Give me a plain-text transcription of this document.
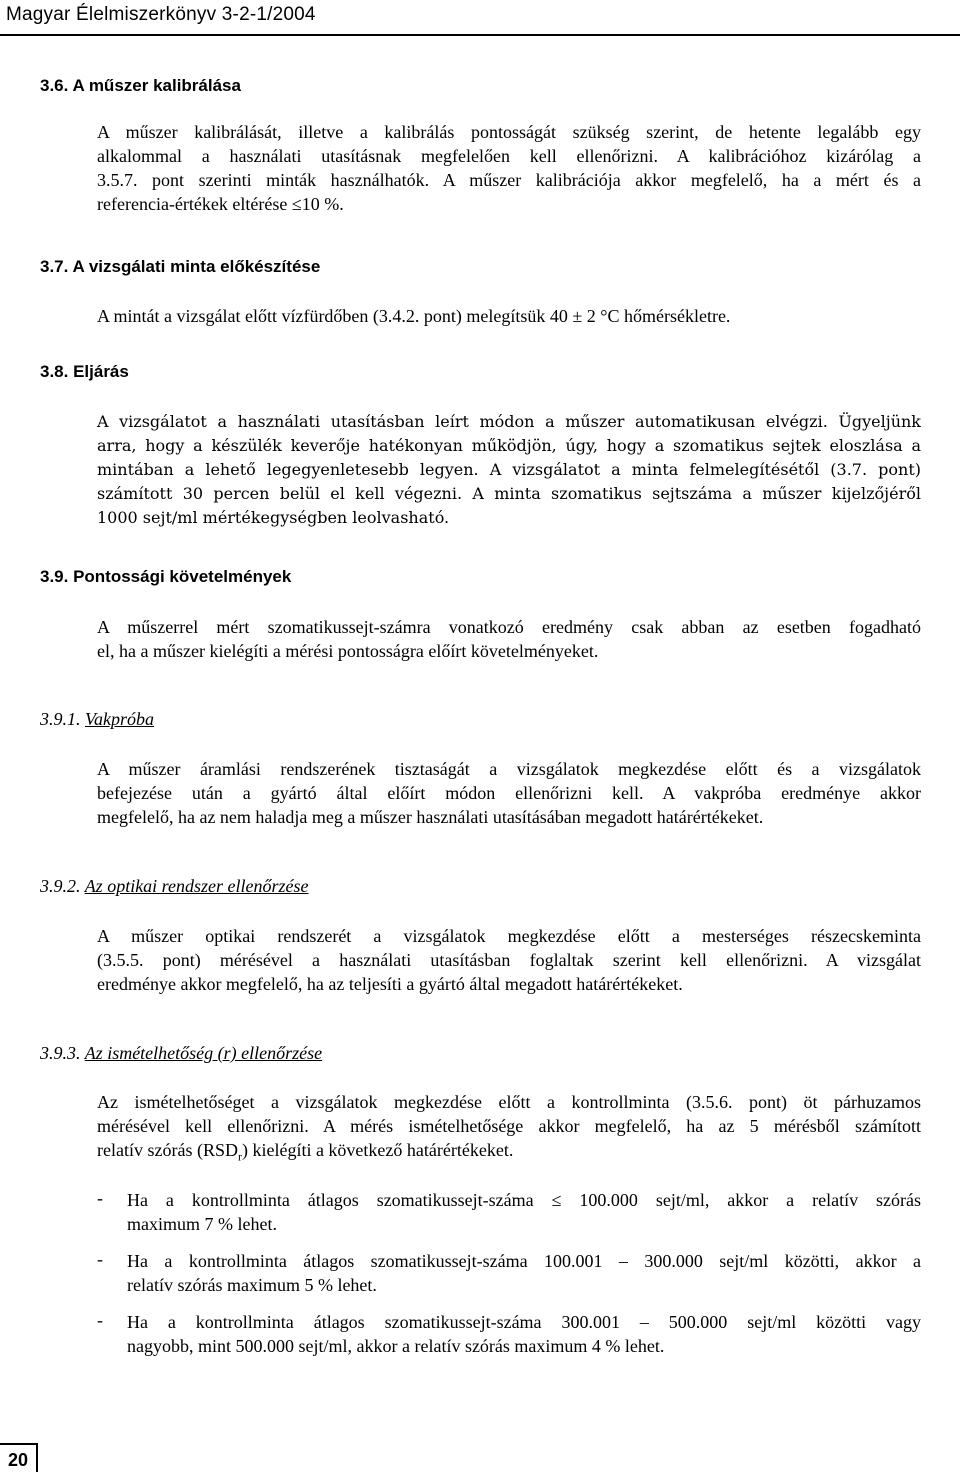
Magyar Élelmiszerkönyv 3-2-1/2004
3.6. A műszer kalibrálása
A műszer kalibrálását, illetve a kalibrálás pontosságát szükség szerint, de hetente legalább egy
alkalommal a használati utasításnak megfelelően kell ellenőrizni. A kalibrációhoz kizárólag a
3.5.7. pont szerinti minták használhatók. A műszer kalibrációja akkor megfelelő, ha a mért és a
referencia-értékek eltérése ≤10 %.
3.7. A vizsgálati minta előkészítése
A mintát a vizsgálat előtt vízfürdőben (3.4.2. pont) melegítsük 40 ± 2 °C hőmérsékletre.
3.8. Eljárás
A vizsgálatot a használati utasításban leírt módon a műszer automatikusan elvégzi. Ügyeljünk
arra, hogy a készülék keverője hatékonyan működjön, úgy, hogy a szomatikus sejtek eloszlása a
mintában a lehető legegyenletesebb legyen. A vizsgálatot a minta felmelegítésétől (3.7. pont)
számított 30 percen belül el kell végezni. A minta szomatikus sejtszáma a műszer kijelzőjéről
1000 sejt/ml mértékegységben leolvasható.
3.9. Pontossági követelmények
A műszerrel mért szomatikussejt-számra vonatkozó eredmény csak abban az esetben fogadható
el, ha a műszer kielégíti a mérési pontosságra előírt követelményeket.
3.9.1. Vakpróba
A műszer áramlási rendszerének tisztaságát a vizsgálatok megkezdése előtt és a vizsgálatok
befejezése után a gyártó által előírt módon ellenőrizni kell. A vakpróba eredménye akkor
megfelelő, ha az nem haladja meg a műszer használati utasításában megadott határértékeket.
3.9.2. Az optikai rendszer ellenőrzése
A műszer optikai rendszerét a vizsgálatok megkezdése előtt a mesterséges részecskeminta
(3.5.5. pont) mérésével a használati utasításban foglaltak szerint kell ellenőrizni. A vizsgálat
eredménye akkor megfelelő, ha az teljesíti a gyártó által megadott határértékeket.
3.9.3. Az ismételhetőség (r) ellenőrzése
Az ismételhetőséget a vizsgálatok megkezdése előtt a kontrollminta (3.5.6. pont) öt párhuzamos
mérésével kell ellenőrizni. A mérés ismételhetősége akkor megfelelő, ha az 5 mérésből számított
relatív szórás $(RSD_r)$ kielégíti a következő határértékeket.
- Ha a kontrollminta átlagos szomatikussejt-száma ≤ 100.000 sejt/ml, akkor a relatív szórás
maximum 7 % lehet.
- Ha a kontrollminta átlagos szomatikussejt-száma 100.001 – 300.000 sejt/ml közötti, akkor a
relatív szórás maximum 5 % lehet.
- Ha a kontrollminta átlagos szomatikussejt-száma 300.001 – 500.000 sejt/ml közötti vagy
nagyobb, mint 500.000 sejt/ml, akkor a relatív szórás maximum 4 % lehet.
20
